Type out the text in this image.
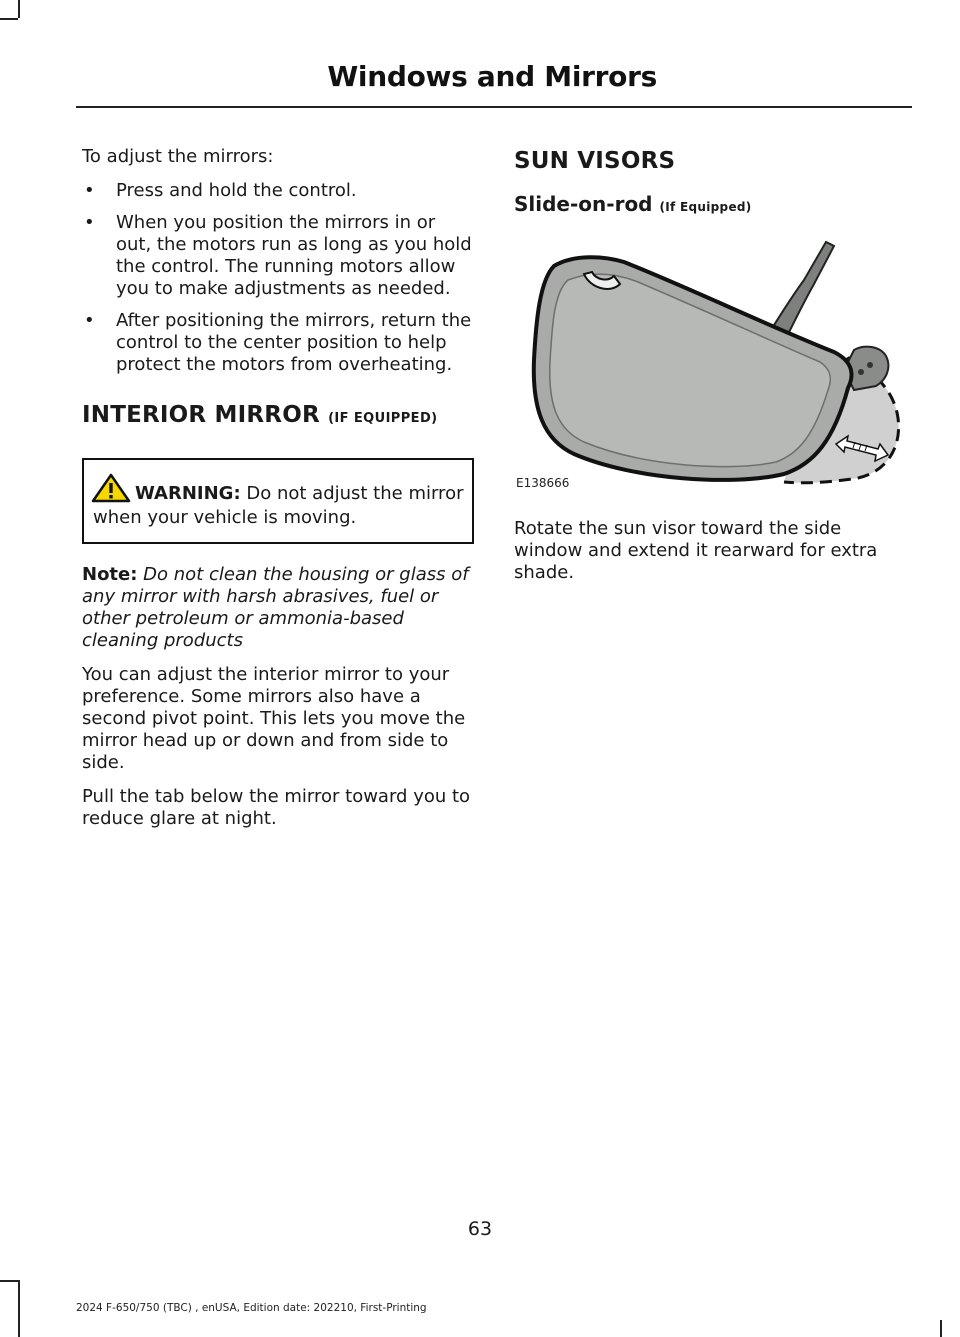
Windows and Mirrors

To adjust the mirrors:

• Press and hold the control.
• When you position the mirrors in or out, the motors run as long as you hold the control. The running motors allow you to make adjustments as needed.
• After positioning the mirrors, return the control to the center position to help protect the motors from overheating.
INTERIOR MIRROR (IF EQUIPPED)
WARNING: Do not adjust the mirror when your vehicle is moving.

Note: Do not clean the housing or glass of any mirror with harsh abrasives, fuel or other petroleum or ammonia-based cleaning products

You can adjust the interior mirror to your preference. Some mirrors also have a second pivot point. This lets you move the mirror head up or down and from side to side.

Pull the tab below the mirror toward you to reduce glare at night.

SUN VISORS
Slide-on-rod (If Equipped)
E138666

Rotate the sun visor toward the side window and extend it rearward for extra shade.

63
2024 F-650/750 (TBC) , enUSA, Edition date: 202210, First-Printing
